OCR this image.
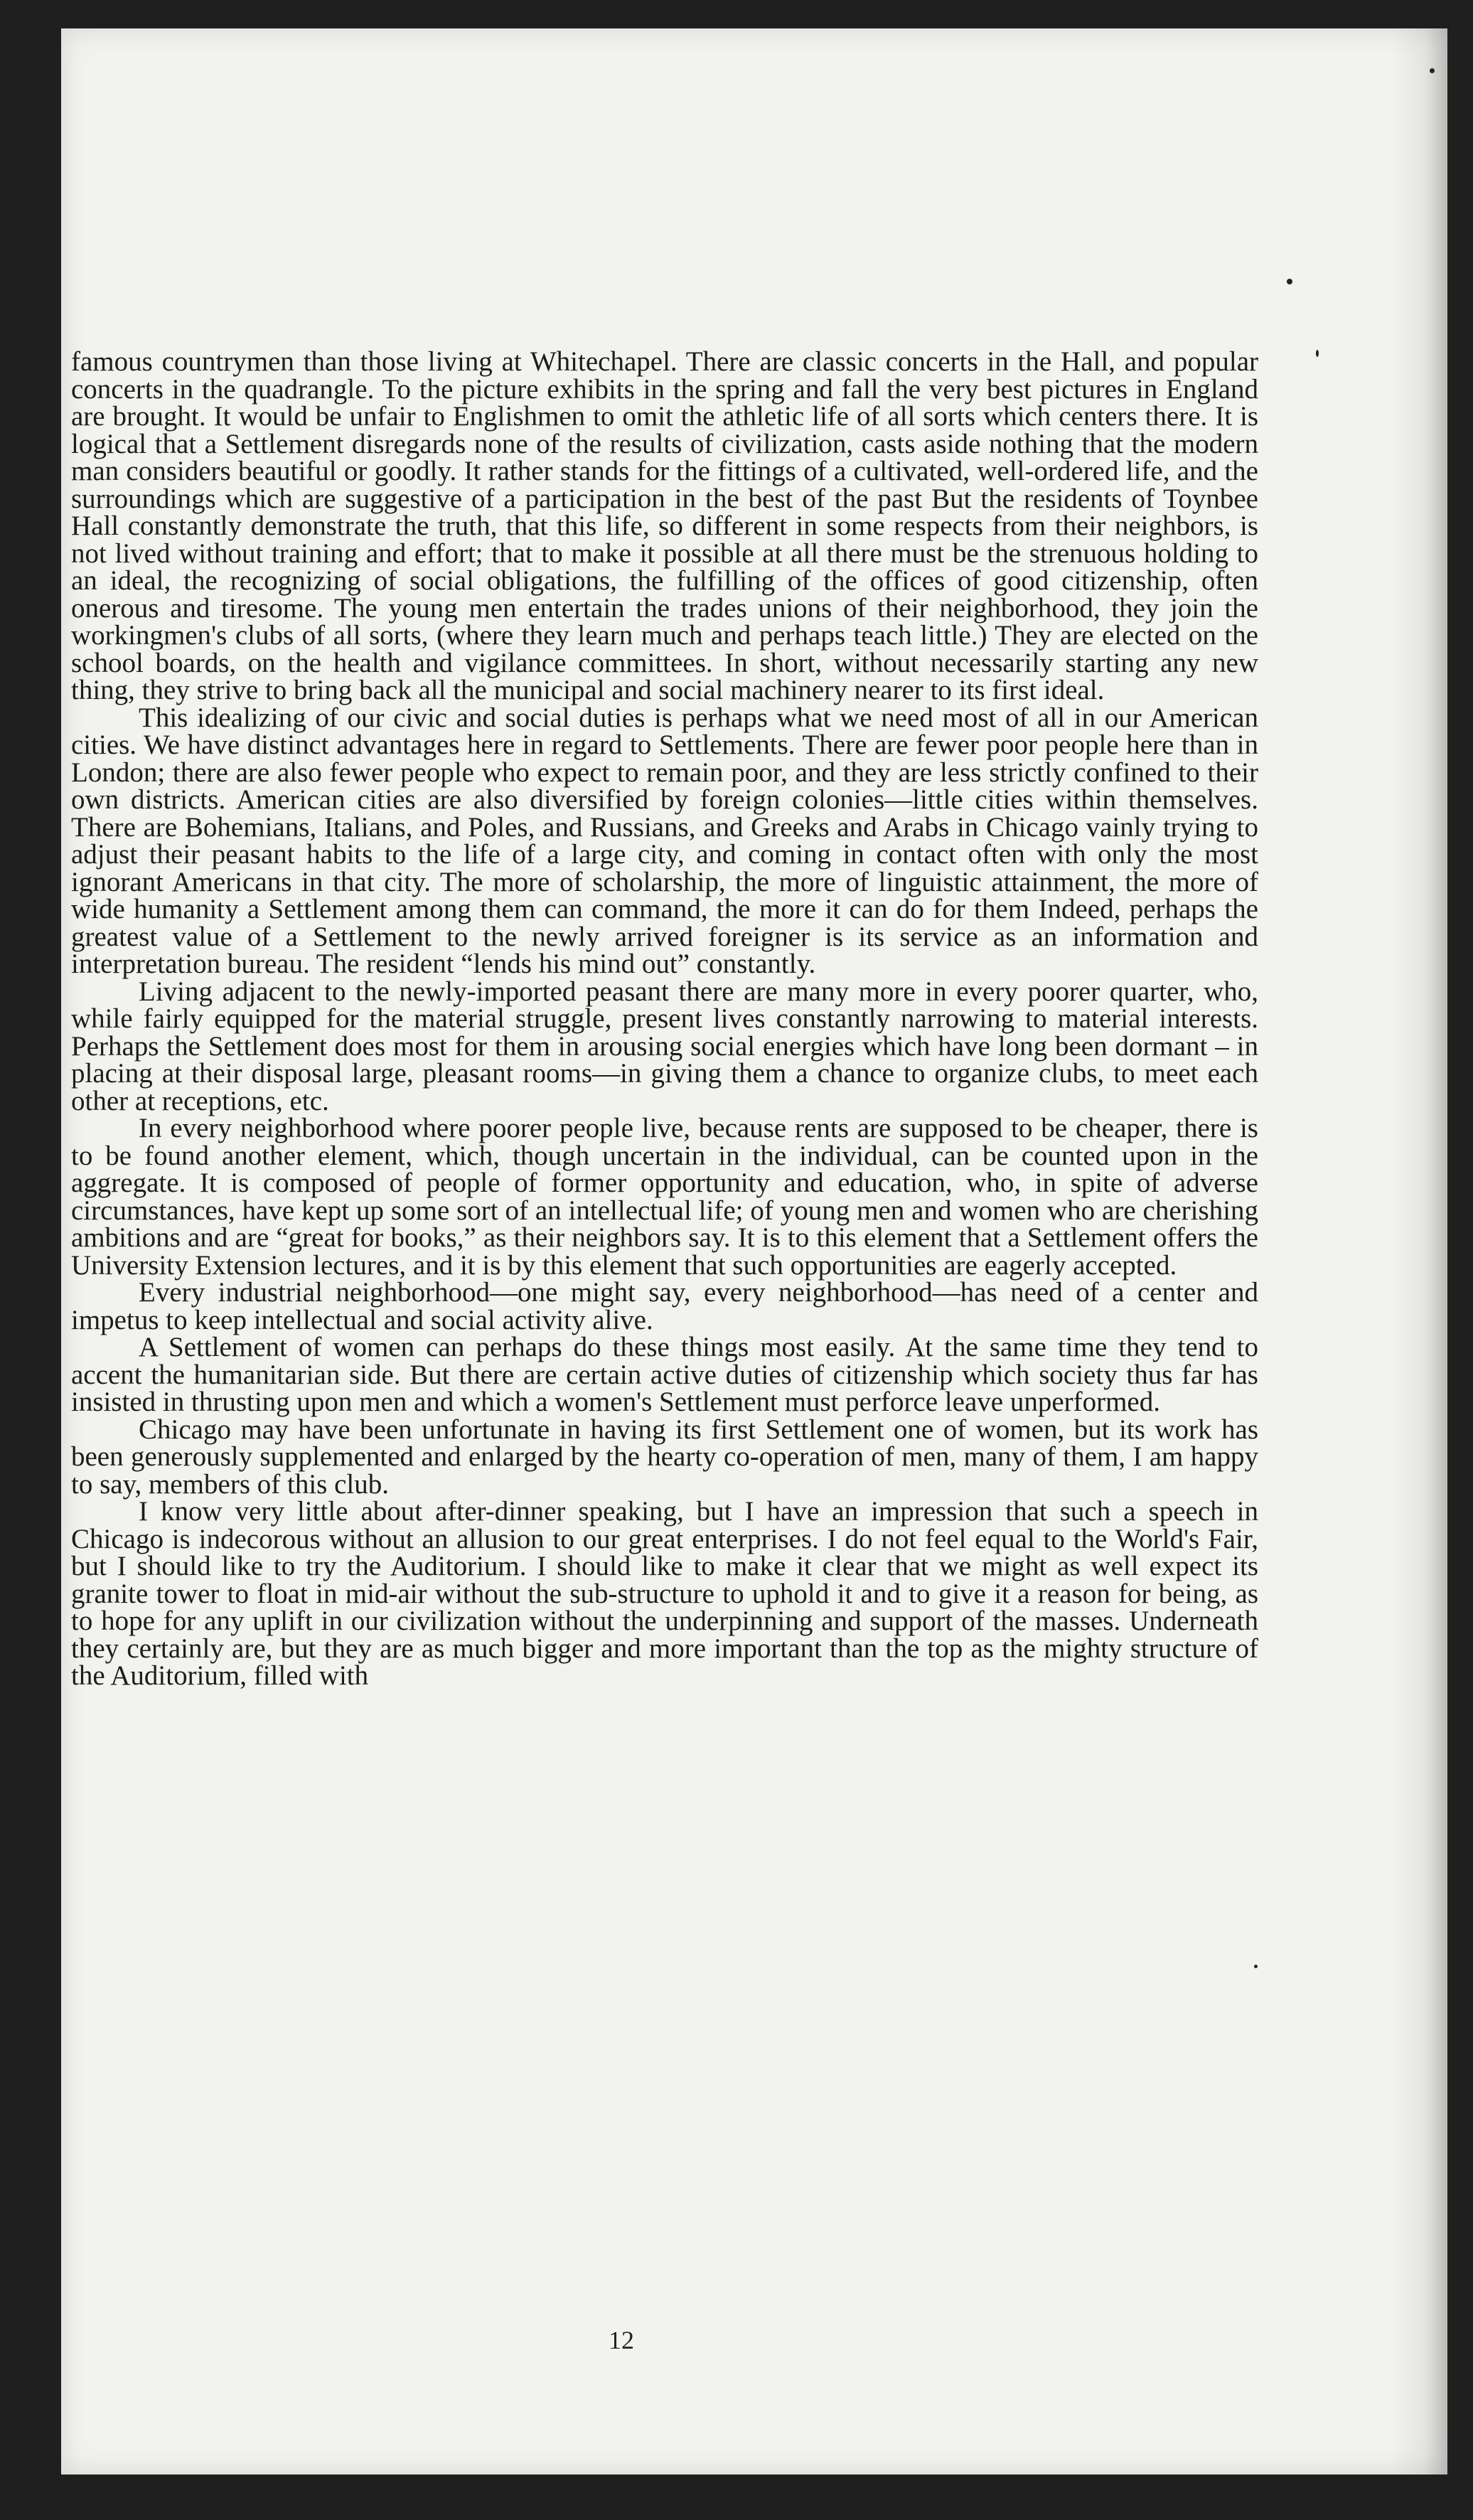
famous countrymen than those living at Whitechapel. There are classic concerts in the Hall, and popular concerts in the quadrangle. To the picture exhibits in the spring and fall the very best pictures in England are brought. It would be unfair to Englishmen to omit the athletic life of all sorts which centers there. It is logical that a Settlement disregards none of the results of civilization, casts aside nothing that the modern man considers beautiful or goodly. It rather stands for the fittings of a cultivated, well-ordered life, and the surroundings which are suggestive of a participation in the best of the past But the residents of Toynbee Hall constantly demonstrate the truth, that this life, so different in some respects from their neighbors, is not lived without training and effort; that to make it possible at all there must be the strenuous holding to an ideal, the recognizing of social obligations, the fulfilling of the offices of good citizenship, often onerous and tiresome. The young men entertain the trades unions of their neighborhood, they join the workingmen's clubs of all sorts, (where they learn much and perhaps teach little.) They are elected on the school boards, on the health and vigilance committees. In short, without necessarily starting any new thing, they strive to bring back all the municipal and social machinery nearer to its first ideal.

This idealizing of our civic and social duties is perhaps what we need most of all in our American cities. We have distinct advantages here in regard to Settlements. There are fewer poor people here than in London; there are also fewer people who expect to remain poor, and they are less strictly confined to their own districts. American cities are also diversified by foreign colonies—little cities within themselves. There are Bohemians, Italians, and Poles, and Russians, and Greeks and Arabs in Chicago vainly trying to adjust their peasant habits to the life of a large city, and coming in contact often with only the most ignorant Americans in that city. The more of scholarship, the more of linguistic attainment, the more of wide humanity a Settlement among them can command, the more it can do for them Indeed, perhaps the greatest value of a Settlement to the newly arrived foreigner is its service as an information and interpretation bureau. The resident “lends his mind out” constantly.

Living adjacent to the newly-imported peasant there are many more in every poorer quarter, who, while fairly equipped for the material struggle, present lives constantly narrowing to material interests. Perhaps the Settlement does most for them in arousing social energies which have long been dormant – in placing at their disposal large, pleasant rooms—in giving them a chance to organize clubs, to meet each other at receptions, etc.

In every neighborhood where poorer people live, because rents are supposed to be cheaper, there is to be found another element, which, though uncertain in the individual, can be counted upon in the aggregate. It is composed of people of former opportunity and education, who, in spite of adverse circumstances, have kept up some sort of an intellectual life; of young men and women who are cherishing ambitions and are “great for books,” as their neighbors say. It is to this element that a Settlement offers the University Extension lectures, and it is by this element that such opportunities are eagerly accepted.

Every industrial neighborhood—one might say, every neighborhood—has need of a center and impetus to keep intellectual and social activity alive.

A Settlement of women can perhaps do these things most easily. At the same time they tend to accent the humanitarian side. But there are certain active duties of citizenship which society thus far has insisted in thrusting upon men and which a women's Settlement must perforce leave unperformed.

Chicago may have been unfortunate in having its first Settlement one of women, but its work has been generously supplemented and enlarged by the hearty co-operation of men, many of them, I am happy to say, members of this club.

I know very little about after-dinner speaking, but I have an impression that such a speech in Chicago is indecorous without an allusion to our great enterprises. I do not feel equal to the World's Fair, but I should like to try the Auditorium. I should like to make it clear that we might as well expect its granite tower to float in mid-air without the sub-structure to uphold it and to give it a reason for being, as to hope for any uplift in our civilization without the underpinning and support of the masses. Underneath they certainly are, but they are as much bigger and more important than the top as the mighty structure of the Auditorium, filled with

12
